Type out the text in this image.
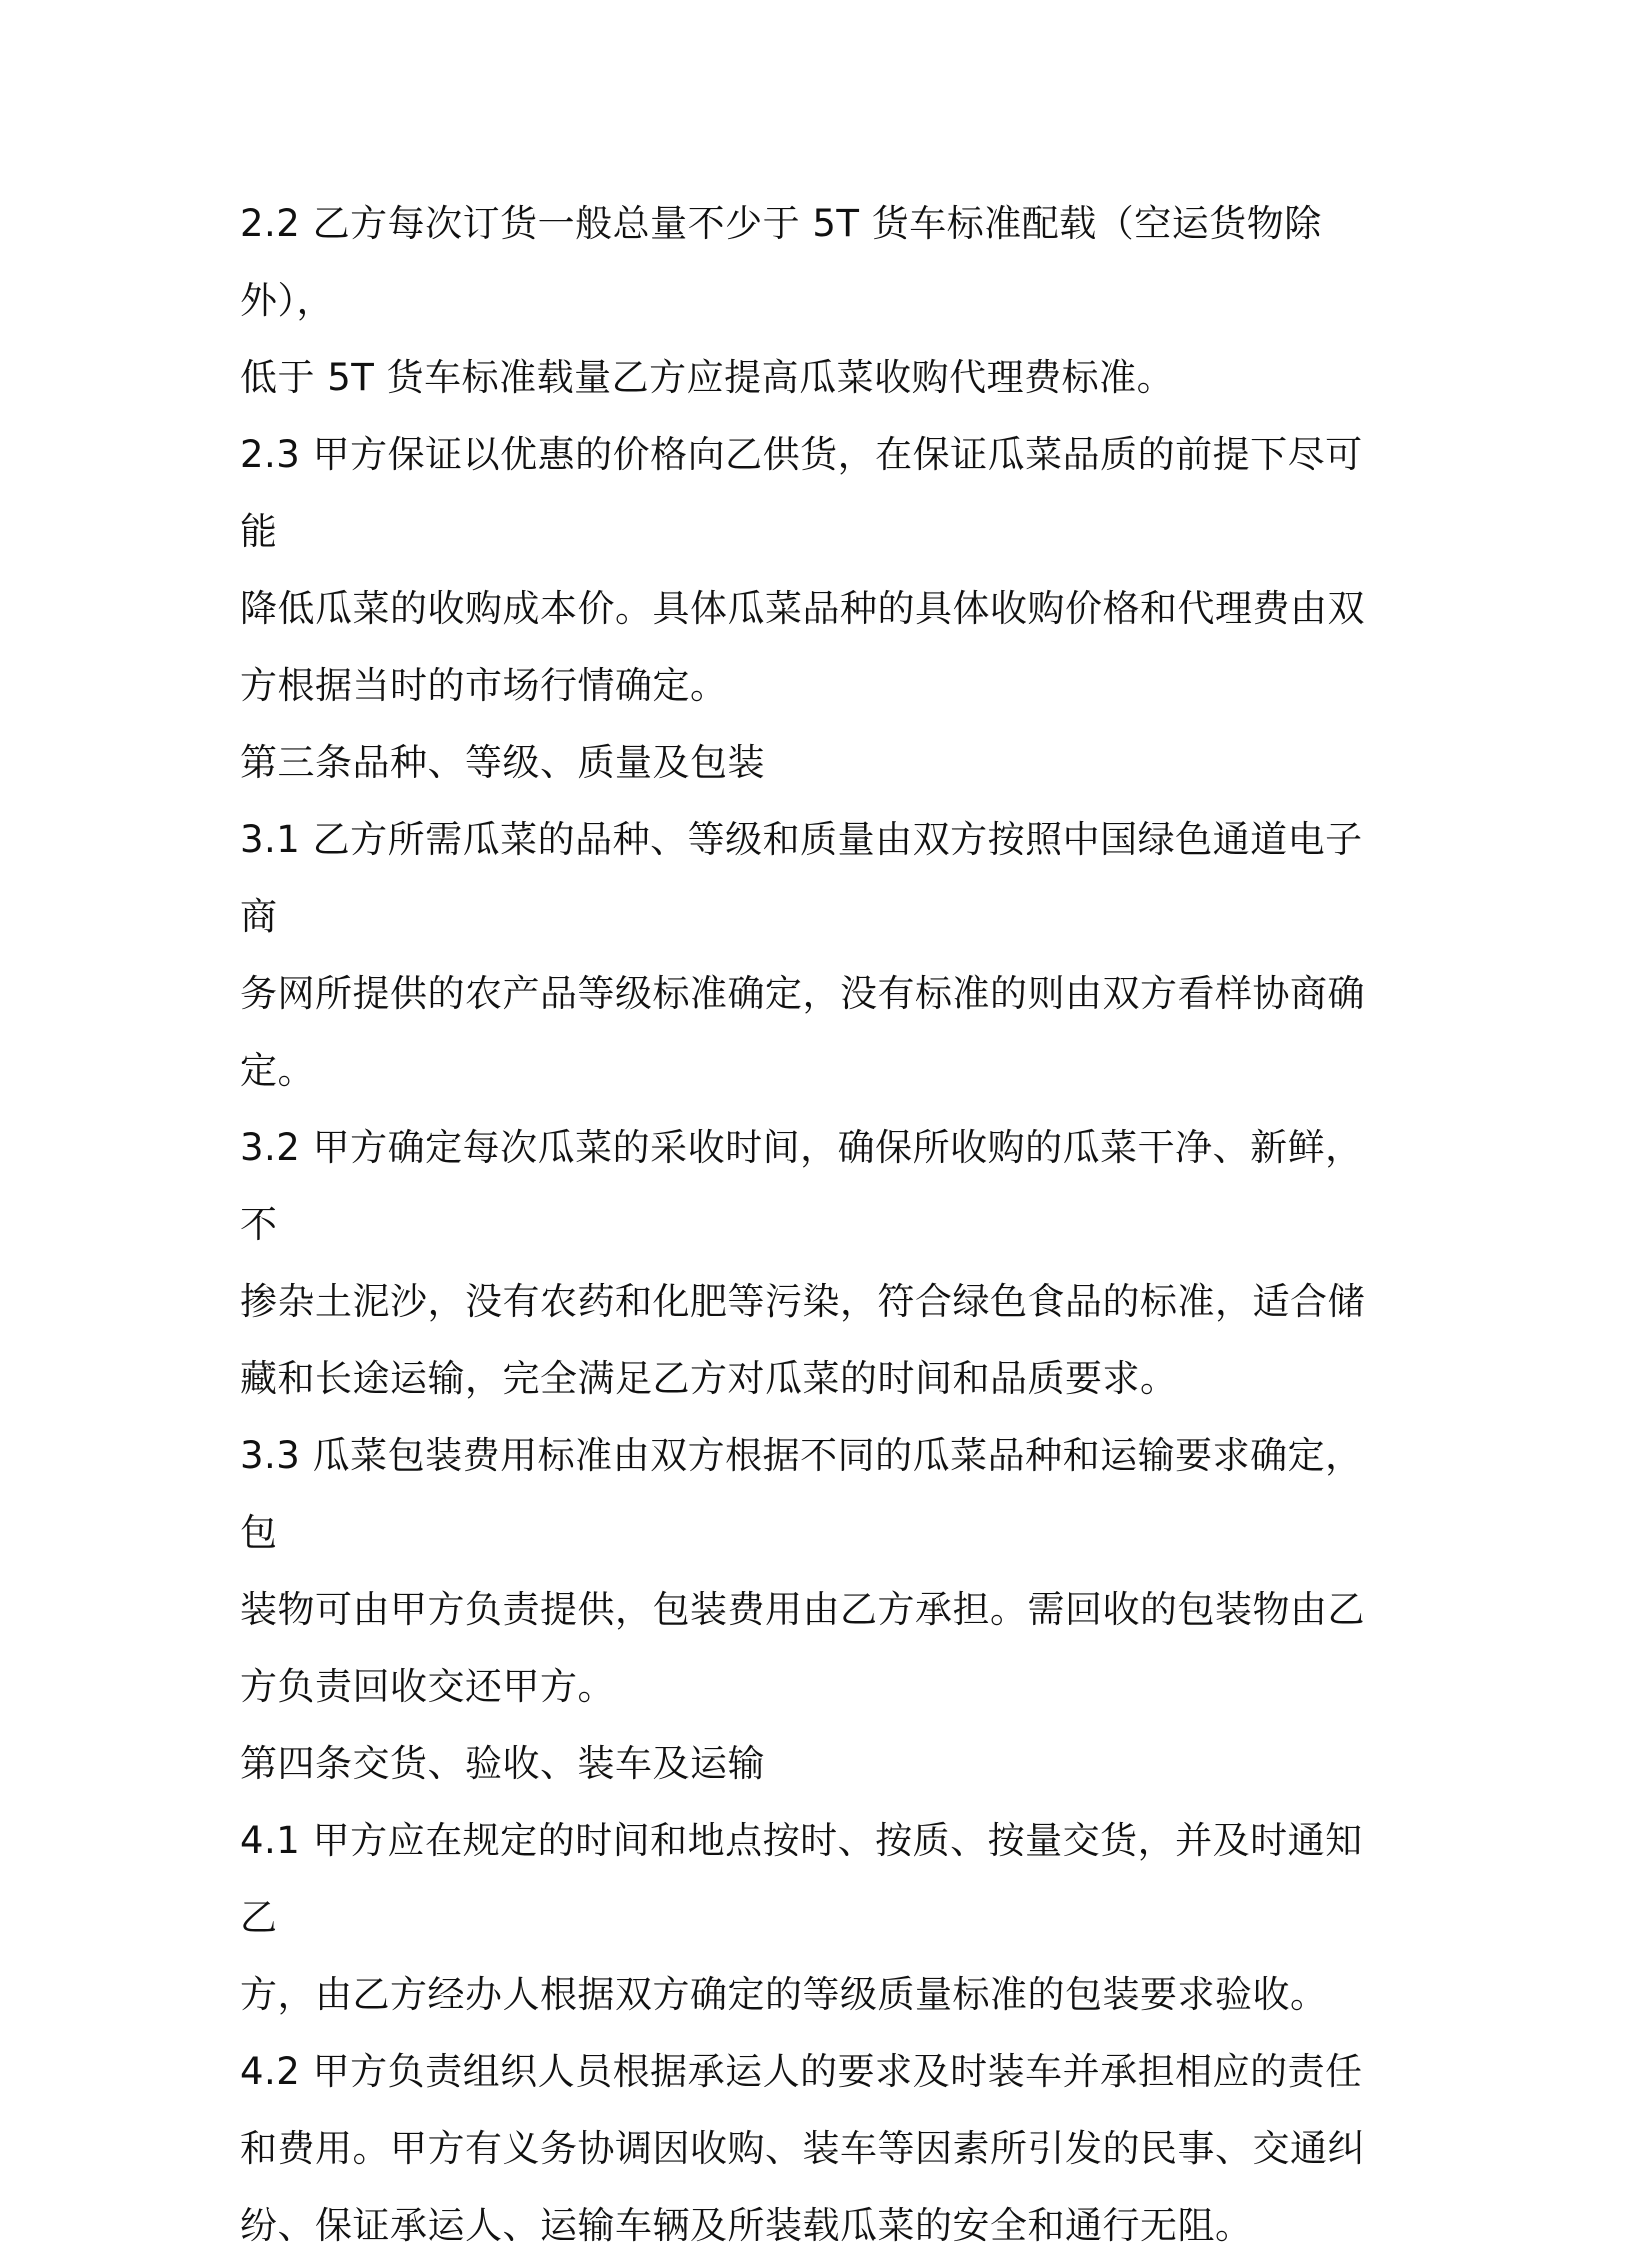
2.2 乙方每次订货一般总量不少于 5T 货车标准配载（空运货物除外），
低于 5T 货车标准载量乙方应提高瓜菜收购代理费标准。

2.3 甲方保证以优惠的价格向乙供货，在保证瓜菜品质的前提下尽可能
降低瓜菜的收购成本价。具体瓜菜品种的具体收购价格和代理费由双
方根据当时的市场行情确定。

第三条品种、等级、质量及包装

3.1 乙方所需瓜菜的品种、等级和质量由双方按照中国绿色通道电子商
务网所提供的农产品等级标准确定，没有标准的则由双方看样协商确
定。

3.2 甲方确定每次瓜菜的采收时间，确保所收购的瓜菜干净、新鲜，不
掺杂土泥沙，没有农药和化肥等污染，符合绿色食品的标准，适合储
藏和长途运输，完全满足乙方对瓜菜的时间和品质要求。

3.3 瓜菜包装费用标准由双方根据不同的瓜菜品种和运输要求确定，包
装物可由甲方负责提供，包装费用由乙方承担。需回收的包装物由乙
方负责回收交还甲方。

第四条交货、验收、装车及运输

4.1 甲方应在规定的时间和地点按时、按质、按量交货，并及时通知乙
方，由乙方经办人根据双方确定的等级质量标准的包装要求验收。

4.2 甲方负责组织人员根据承运人的要求及时装车并承担相应的责任
和费用。甲方有义务协调因收购、装车等因素所引发的民事、交通纠
纷、保证承运人、运输车辆及所装载瓜菜的安全和通行无阻。
